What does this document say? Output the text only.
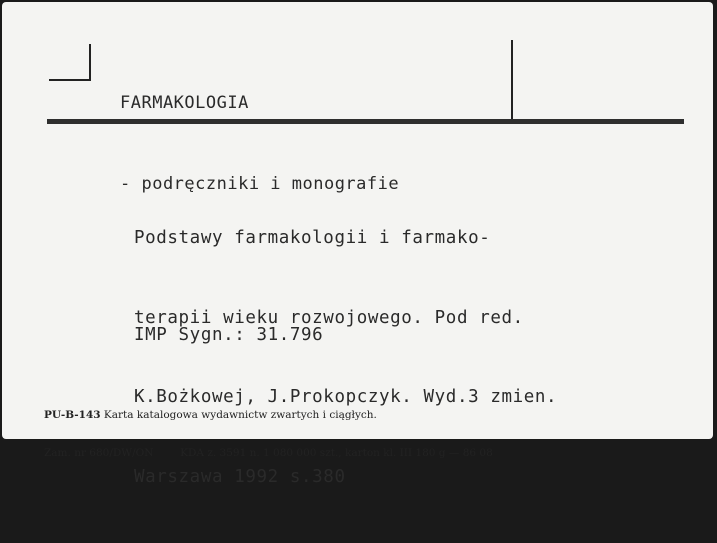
FARMAKOLOGIA

- podręczniki i monografie

Podstawy farmakologii i farmako-

terapii wieku rozwojowego. Pod red.

K.Bożkowej, J.Prokopczyk. Wyd.3 zmien.

Warszawa 1992 s.380

IMP Sygn.: 31.796

PU-B-143 Karta katalogowa wydawnictw zwartych i ciągłych.

Zam. nr 680/DW/ON	KDA z. 3591 n. 1 080 000 szt., karton kl. III 180 g — 86 08
